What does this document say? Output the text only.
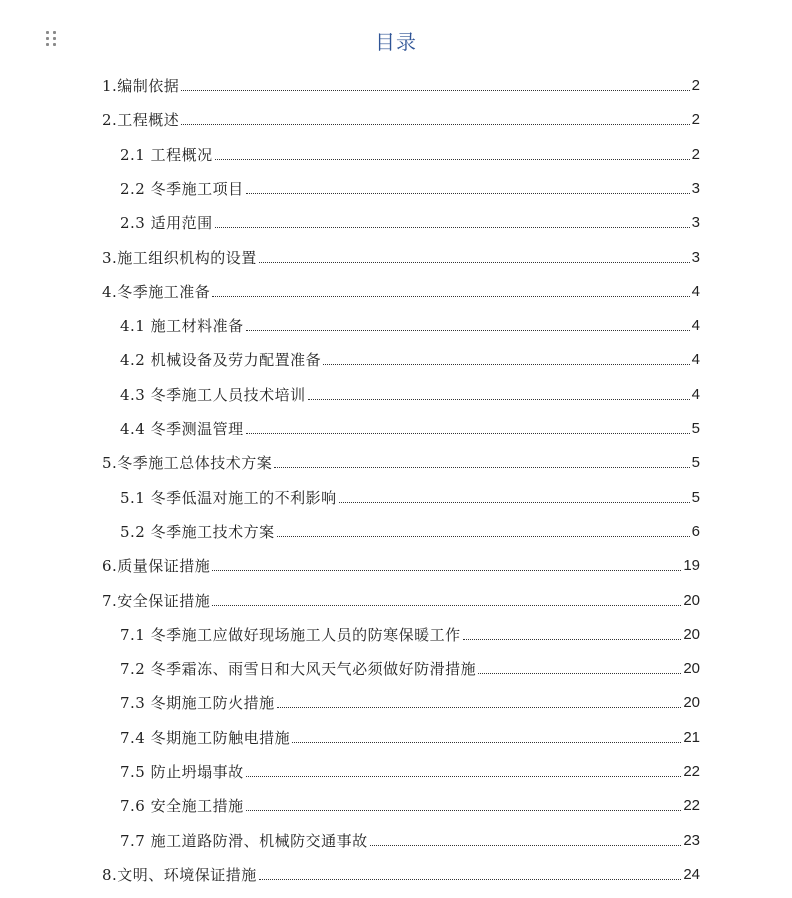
目录
1.编制依据	2
2.工程概述	2
2.1 工程概况	2
2.2 冬季施工项目	3
2.3 适用范围	3
3.施工组织机构的设置	3
4.冬季施工准备	4
4.1 施工材料准备	4
4.2 机械设备及劳力配置准备	4
4.3 冬季施工人员技术培训	4
4.4 冬季测温管理	5
5.冬季施工总体技术方案	5
5.1 冬季低温对施工的不利影响	5
5.2 冬季施工技术方案	6
6.质量保证措施	19
7.安全保证措施	20
7.1 冬季施工应做好现场施工人员的防寒保暖工作	20
7.2 冬季霜冻、雨雪日和大风天气必须做好防滑措施	20
7.3 冬期施工防火措施	20
7.4 冬期施工防触电措施	21
7.5 防止坍塌事故	22
7.6 安全施工措施	22
7.7 施工道路防滑、机械防交通事故	23
8.文明、环境保证措施	24
